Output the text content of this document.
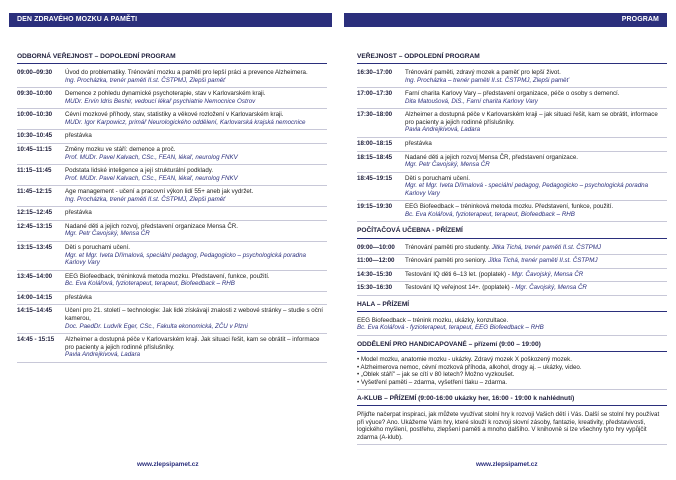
DEN ZDRAVÉHO MOZKU A PAMĚTI	PROGRAM
ODBORNÁ VEŘEJNOST – DOPOLEDNÍ PROGRAM
09:00–09:30	Úvod do problematiky. Trénování mozku a paměti pro lepší práci a prevence Alzheimera.
Ing. Procházka, trenér paměti II.st. ČSTPMJ, Zlepši paměť
09:30–10:00	Demence z pohledu dynamické psychoterapie, stav v Karlovarském kraji.
MUDr. Ervín Idris Beshir, vedoucí lékař psychiatrie Nemocnice Ostrov
10:00–10:30	Cévní mozkové příhody, stav, statistiky a věkové rozložení v Karlovarském kraji.
MUDr. Igor Karpowicz, primář Neurologického oddělení, Karlovarská krajská nemocnice
10:30–10:45	přestávka
10:45–11:15	Změny mozku ve stáří: demence a proč.
Prof. MUDr. Pavel Kalvach, CSc., FEAN, lékař, neurolog FNKV
11:15–11:45	Podstata lidské inteligence a její strukturální podklady.
Prof. MUDr. Pavel Kalvach, CSc., FEAN, lékař, neurolog FNKV
11:45–12:15	Age management - učení a pracovní výkon lidí 55+ aneb jak vydržet.
Ing. Procházka, trenér paměti II.st. ČSTPMJ, Zlepši paměť
12:15–12:45	přestávka
12:45–13:15	Nadané děti a jejich rozvoj, představení organizace Mensa ČR.
Mgr. Petr Čavojský, Mensa ČR
13:15–13:45	Děti s poruchami učení.
Mgr. et Mgr. Iveta Dřímalová, speciální pedagog, Pedagogicko – psychologická poradna Karlovy Vary
13:45–14:00	EEG Biofeedback, tréninková metoda mozku. Představení, funkce, použití.
Bc. Eva Kolářová, fyzioterapeut, terapeut, Biofeedback – RHB
14:00–14:15	přestávka
14:15–14:45	Učení pro 21. století – technologie: Jak lidé získávají znalosti z webové stránky – studie s oční kamerou,
Doc. PaedDr. Ludvík Eger, CSc., Fakulta ekonomická, ZČU v Plzni
14:45 - 15:15	Alzheimer a dostupná péče v Karlovarském kraji. Jak situaci řešit, kam se obrátit – informace pro pacienty a jejich rodinné příslušníky.
Pavla Andrejkivová, Ladara
VEŘEJNOST – ODPOLEDNÍ PROGRAM
16:30–17:00	Trénování paměti, zdravý mozek a paměť pro lepší život.
Ing. Procházka – trenér paměti II.st. ČSTPMJ, Zlepši paměť
17:00–17:30	Farní charita Karlovy Vary – představení organizace, péče o osoby s demencí.
Dita Matoušová, DiS., Farní charita Karlovy Vary
17:30–18:00	Alzheimer a dostupná péče v Karlovarském kraji – jak situaci řešit, kam se obrátit, informace pro pacienty a jejich rodinné příslušníky.
Pavla Andrejkivová, Ladara
18:00–18:15	přestávka
18:15–18:45	Nadané děti a jejich rozvoj Mensa ČR, představení organizace.
Mgr. Petr Čavojský, Mensa ČR
18:45–19:15	Děti s poruchami učení.
Mgr. et Mgr. Iveta Dřímalová - speciální pedagog, Pedagogicko – psychologická poradna Karlovy Vary
19:15–19:30	EEG Biofeedback – tréninková metoda mozku. Představení, funkce, použití.
Bc. Eva Kolářová, fyzioterapeut, terapeut, Biofeedback – RHB
POČÍTAČOVÁ UČEBNA - PŘÍZEMÍ
09:00—10:00	Trénování paměti pro studenty. Jitka Tichá, trenér paměti II.st. ČSTPMJ
11:00—12:00	Trénování paměti pro seniory. Jitka Tichá, trenér paměti II.st. ČSTPMJ
14:30–15:30	Testování IQ děti 6–13 let. (poplatek) - Mgr. Čavojský, Mensa ČR
15:30–16:30	Testování IQ veřejnost 14+. (poplatek) - Mgr. Čavojský, Mensa ČR
HALA – PŘÍZEMÍ
EEG Biofeedback – trénink mozku, ukázky, konzultace.
Bc. Eva Kolářová - fyzioterapeut, terapeut, EEG Biofeedback – RHB
ODDĚLENÍ PRO HANDICAPOVANÉ – přízemí (9:00 – 19:00)
• Model mozku, anatomie mozku - ukázky. Zdravý mozek X poškozený mozek.
• Alzheimerova nemoc, cévní mozková příhoda, alkohol, drogy aj. – ukázky, video.
• „Oblek stáří" – jak se cítí v 80 letech? Možno vyzkoušet.
• Vyšetření paměti – zdarma, vyšetření tlaku – zdarma.
A-KLUB – PŘÍZEMÍ (9:00-16:00 ukázky her, 16:00 - 19:00 k nahlédnutí)
Přijďte načerpat inspiraci, jak můžete využívat stolní hry k rozvoji Vašich dětí i Vás. Další se stolní hry používat při výuce? Ano. Ukážeme Vám hry, které slouží k rozvoji slovní zásoby, fantazie, kreativity, představivosti, logického myšlení, postřehu, zlepšení paměti a mnoho dalšího. V knihovně si lze všechny tyto hry vypůjčit zdarma (A-klub).
www.zlepsipamet.cz	www.zlepsipamet.cz
